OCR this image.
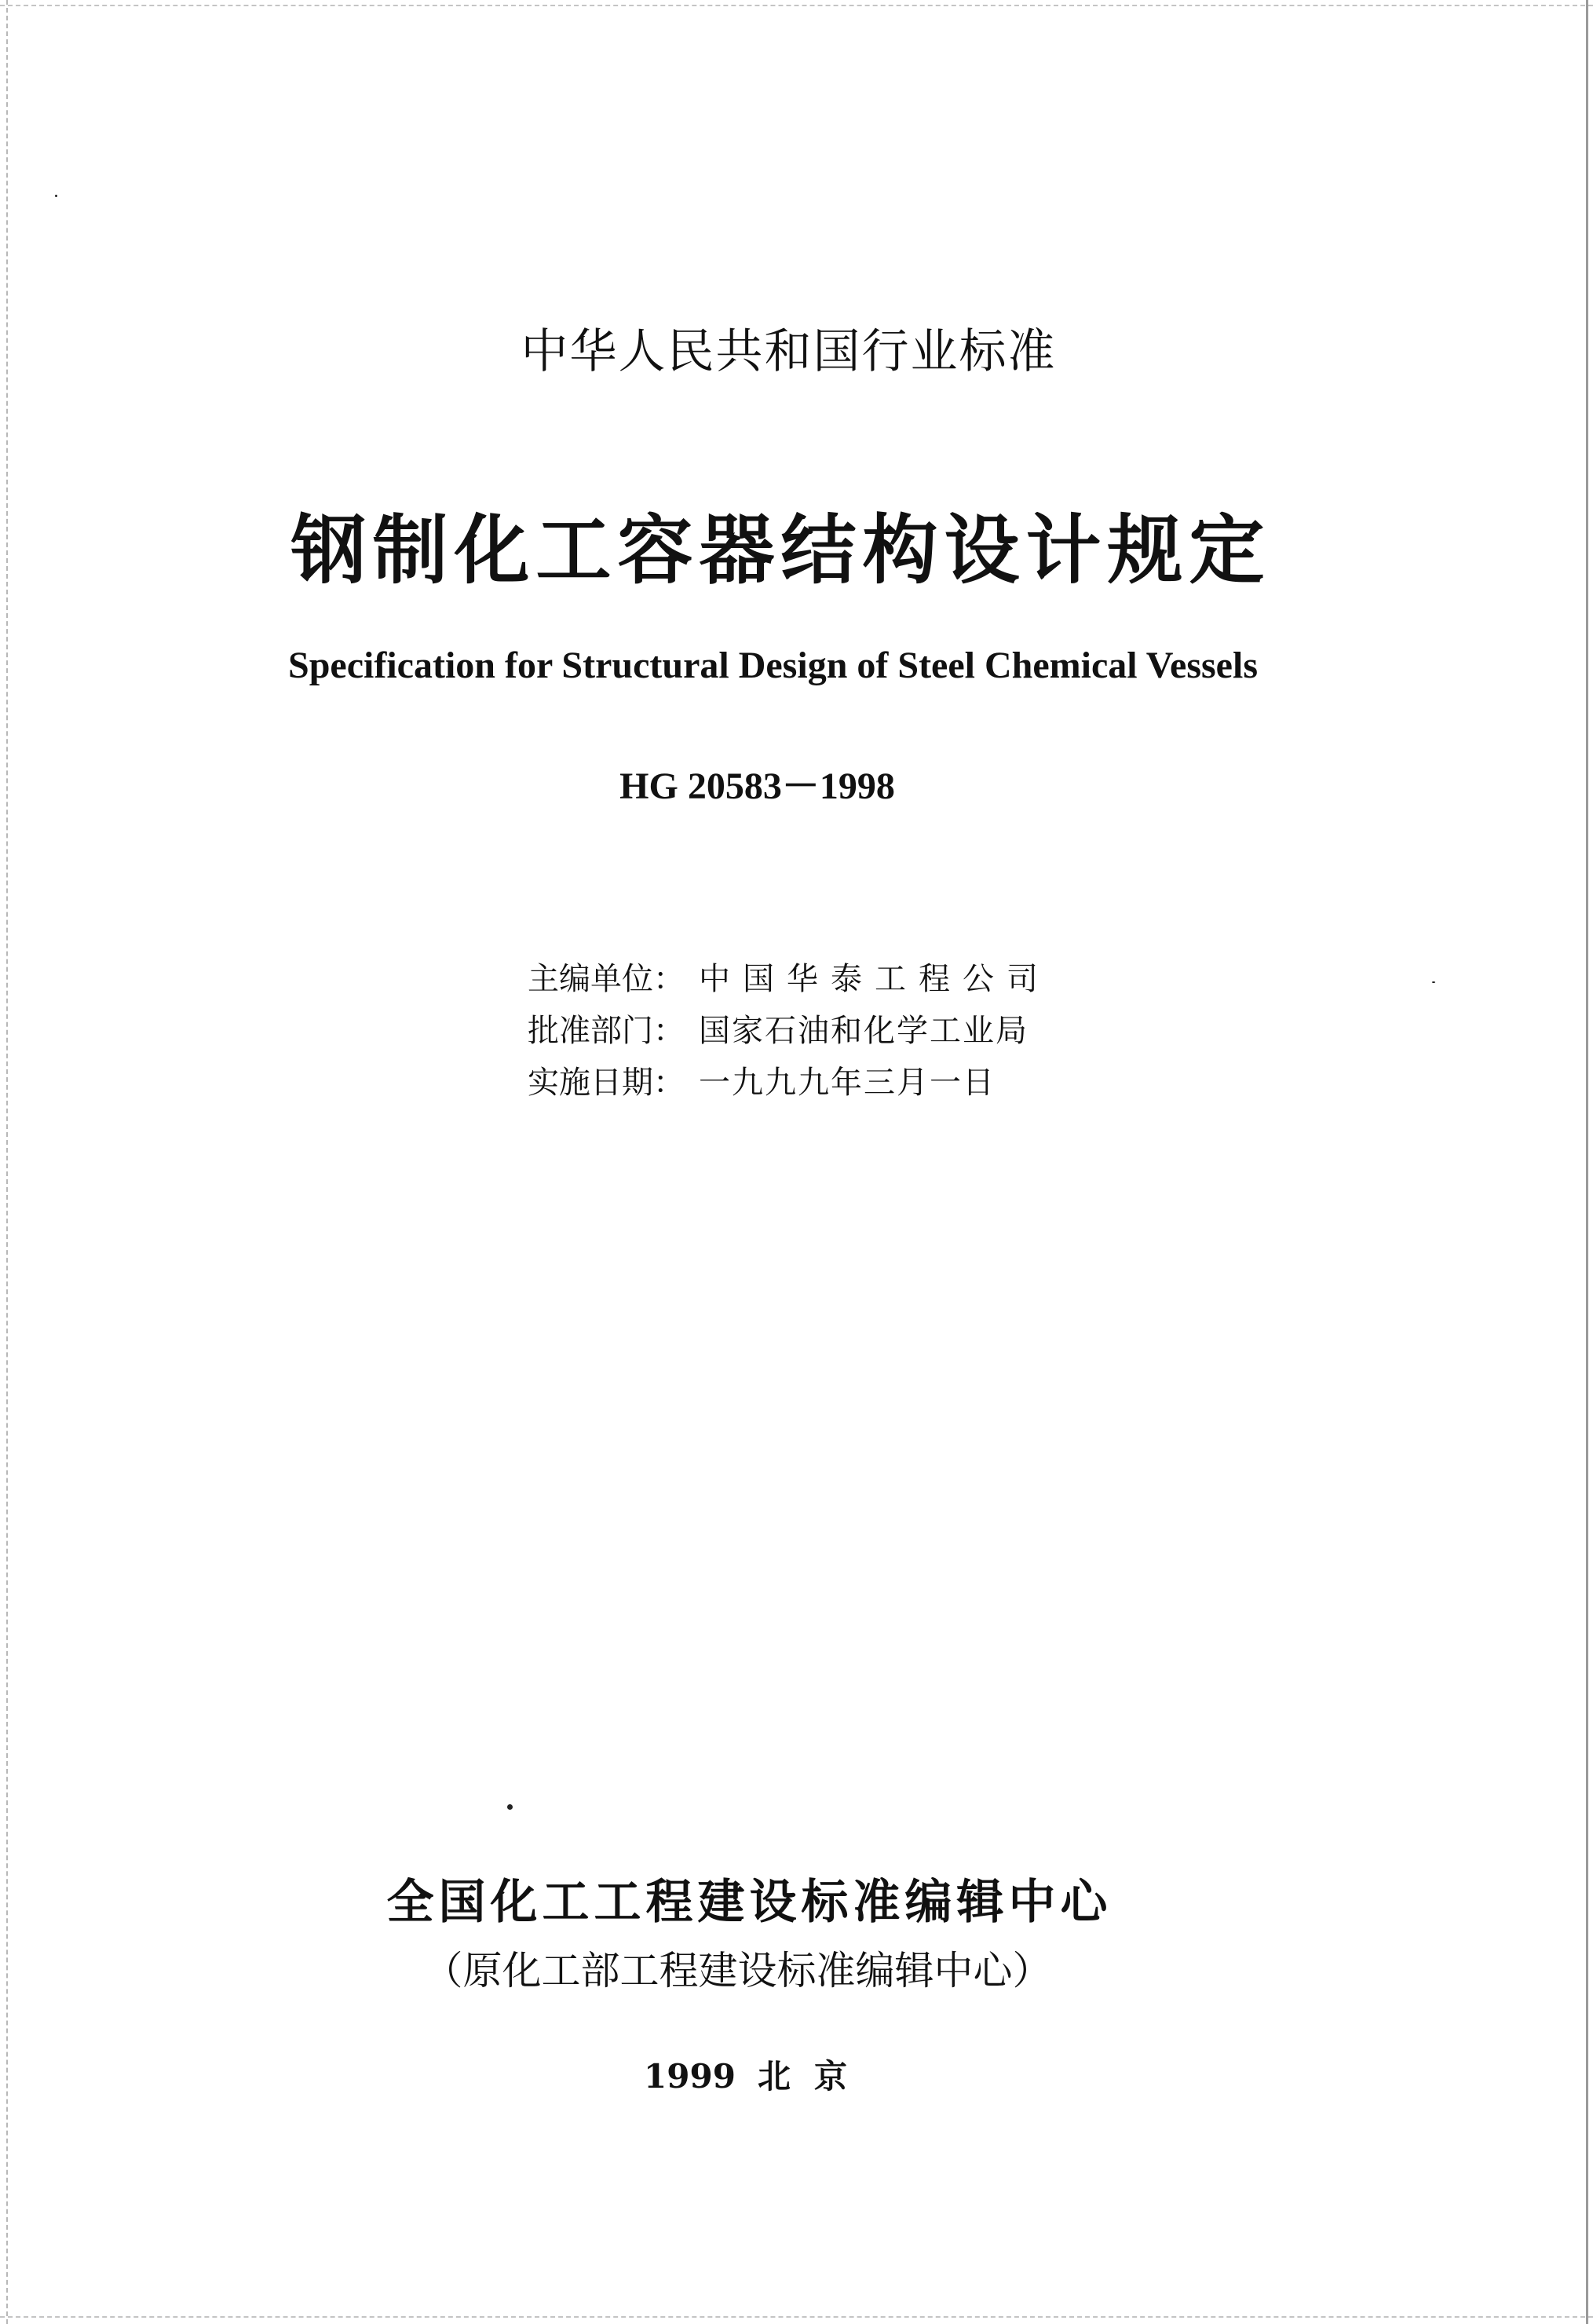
中华人民共和国行业标准
钢制化工容器结构设计规定
Specification for Structural Design of Steel Chemical Vessels
HG 20583－1998
主编单位： 中国华泰工程公司
批准部门： 国家石油和化学工业局
实施日期： 一九九九年三月一日
全国化工工程建设标准编辑中心
（原化工部工程建设标准编辑中心）
1999 北京
